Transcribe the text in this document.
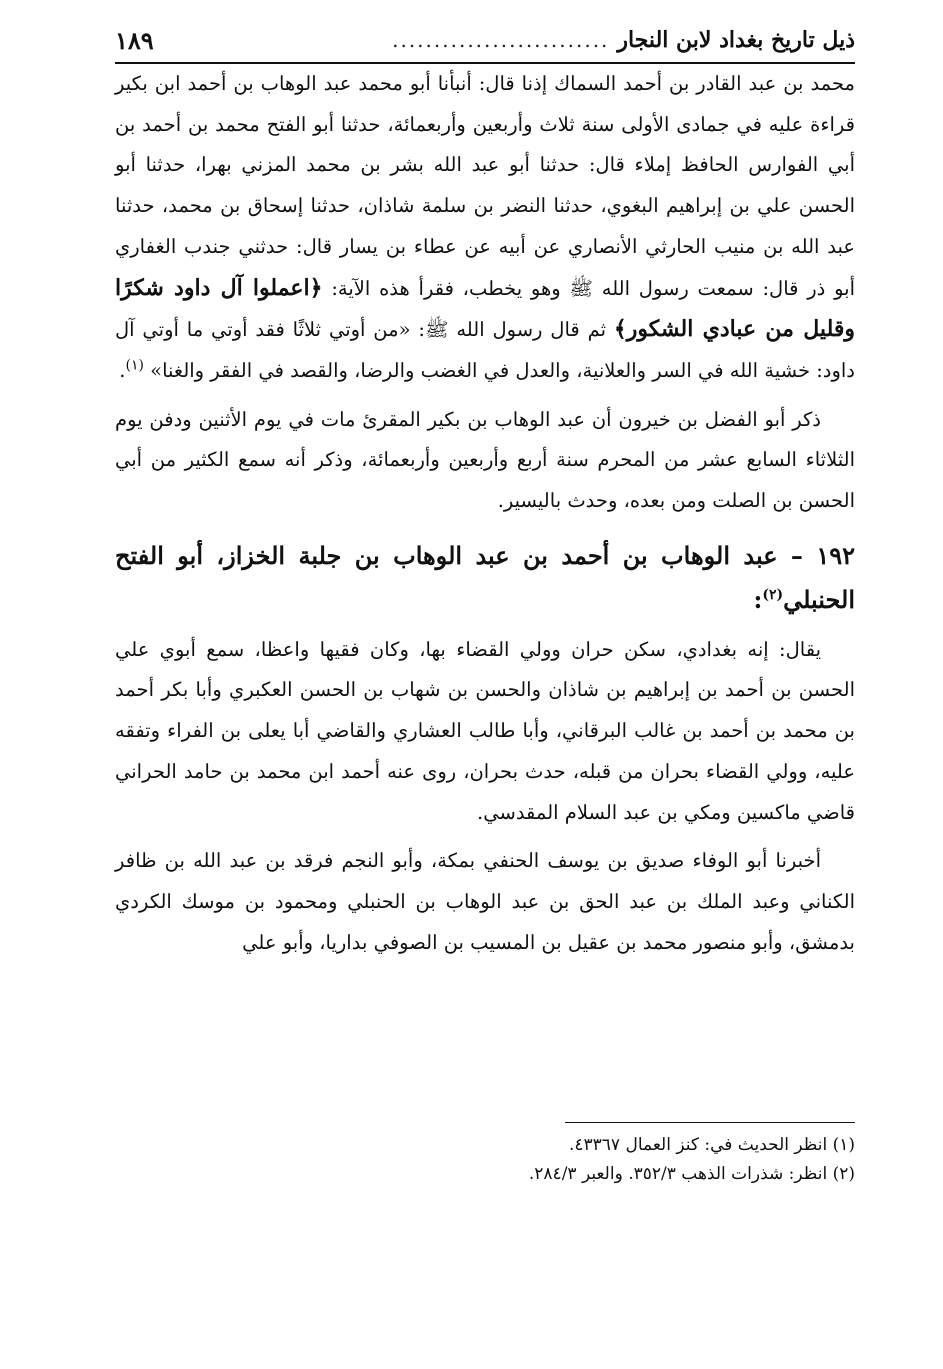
ذيل تاريخ بغداد لابن النجار
..........................
١٨٩

محمد بن عبد القادر بن أحمد السماك إذنا قال: أنبأنا أبو محمد عبد الوهاب بن أحمد ابن بكير قراءة عليه في جمادى الأولى سنة ثلاث وأربعين وأربعمائة، حدثنا أبو الفتح محمد بن أحمد بن أبي الفوارس الحافظ إملاء قال: حدثنا أبو عبد الله بشر بن محمد المزني بهرا، حدثنا أبو الحسن علي بن إبراهيم البغوي، حدثنا النضر بن سلمة شاذان، حدثنا إسحاق بن محمد، حدثنا عبد الله بن منيب الحارثي الأنصاري عن أبيه عن عطاء بن يسار قال: حدثني جندب الغفاري أبو ذر قال: سمعت رسول الله ﷺ وهو يخطب، فقرأ هذه الآية: ﴿اعملوا آل داود شكرًا وقليل من عبادي الشكور﴾ ثم قال رسول الله ﷺ: «من أوتي ثلاثًا فقد أوتي ما أوتي آل داود: خشية الله في السر والعلانية، والعدل في الغضب والرضا، والقصد في الفقر والغنا» $^{(١)}$.

ذكر أبو الفضل بن خيرون أن عبد الوهاب بن بكير المقرئ مات في يوم الأثنين ودفن يوم الثلاثاء السابع عشر من المحرم سنة أربع وأربعين وأربعمائة، وذكر أنه سمع الكثير من أبي الحسن بن الصلت ومن بعده، وحدث باليسير.

١٩٢ – عبد الوهاب بن أحمد بن عبد الوهاب بن جلبة الخزاز، أبو الفتح الحنبلي$^{(٢)}$:

يقال: إنه بغدادي، سكن حران وولي القضاء بها، وكان فقيها واعظا، سمع أبوي علي الحسن بن أحمد بن إبراهيم بن شاذان والحسن بن شهاب بن الحسن العكبري وأبا بكر أحمد بن محمد بن أحمد بن غالب البرقاني، وأبا طالب العشاري والقاضي أبا يعلى بن الفراء وتفقه عليه، وولي القضاء بحران من قبله، حدث بحران، روى عنه أحمد ابن محمد بن حامد الحراني قاضي ماكسين ومكي بن عبد السلام المقدسي.

أخبرنا أبو الوفاء صديق بن يوسف الحنفي بمكة، وأبو النجم فرقد بن عبد الله بن ظافر الكناني وعبد الملك بن عبد الحق بن عبد الوهاب بن الحنبلي ومحمود بن موسك الكردي بدمشق، وأبو منصور محمد بن عقيل بن المسيب بن الصوفي بداريا، وأبو علي

(١) انظر الحديث في: كنز العمال ٤٣٣٦٧.

(٢) انظر: شذرات الذهب ٣٥٢/٣. والعبر ٢٨٤/٣.
